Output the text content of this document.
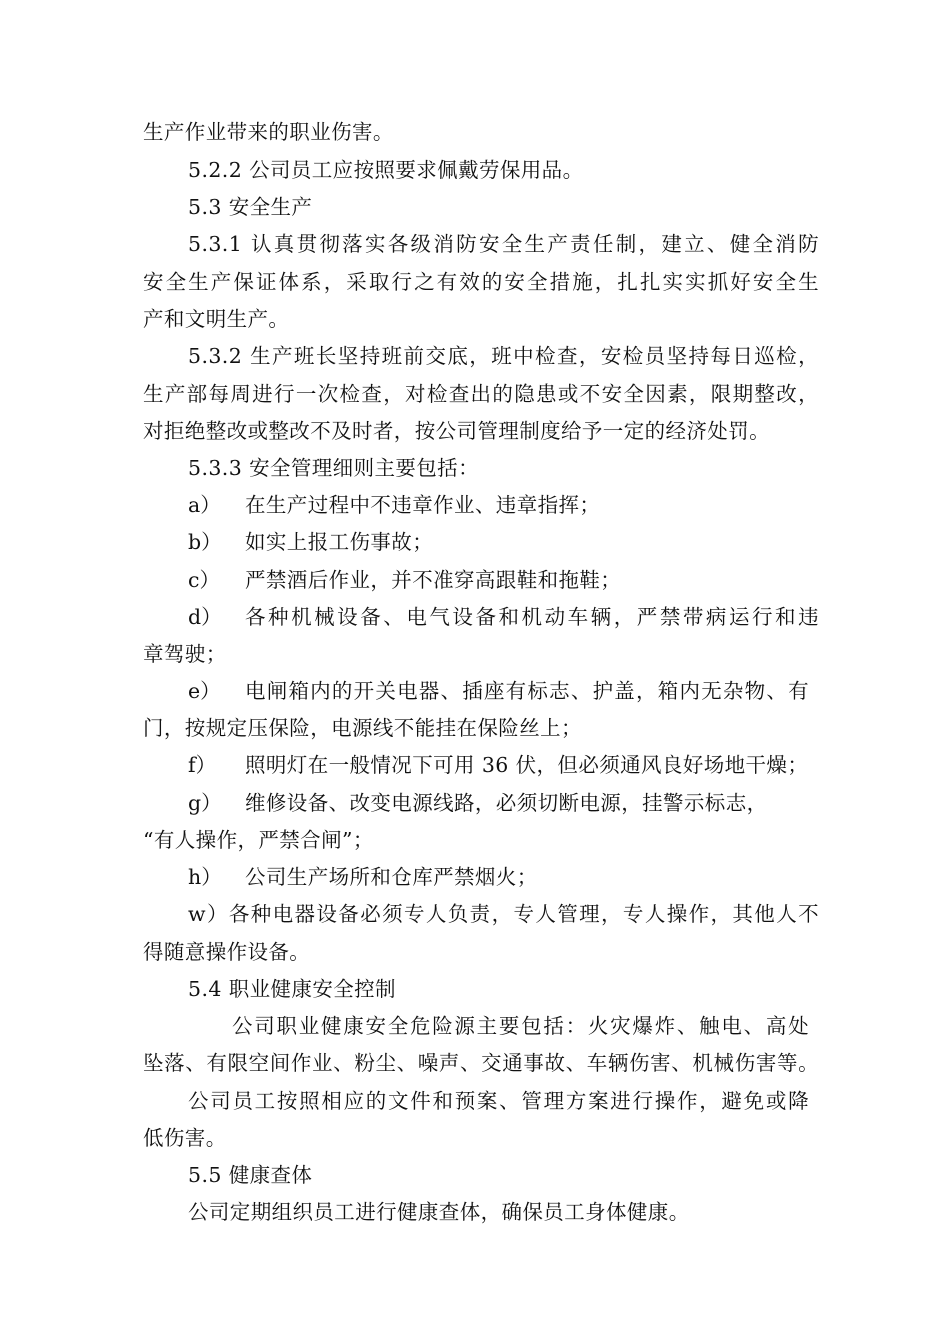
生产作业带来的职业伤害。
5.2.2 公司员工应按照要求佩戴劳保用品。
5.3 安全生产
5.3.1 认真贯彻落实各级消防安全生产责任制，建立、健全消防
安全生产保证体系，采取行之有效的安全措施，扎扎实实抓好安全生
产和文明生产。
5.3.2 生产班长坚持班前交底，班中检查，安检员坚持每日巡检，
生产部每周进行一次检查，对检查出的隐患或不安全因素，限期整改，
对拒绝整改或整改不及时者，按公司管理制度给予一定的经济处罚。
5.3.3 安全管理细则主要包括：
a） 在生产过程中不违章作业、违章指挥；
b） 如实上报工伤事故；
c） 严禁酒后作业，并不准穿高跟鞋和拖鞋；
d） 各种机械设备、电气设备和机动车辆，严禁带病运行和违
章驾驶；
e） 电闸箱内的开关电器、插座有标志、护盖，箱内无杂物、有
门，按规定压保险，电源线不能挂在保险丝上；
f） 照明灯在一般情况下可用 36 伏，但必须通风良好场地干燥；
g） 维修设备、改变电源线路，必须切断电源，挂警示标志，
“有人操作，严禁合闸”；
h） 公司生产场所和仓库严禁烟火；
w）各种电器设备必须专人负责，专人管理，专人操作，其他人不
得随意操作设备。
5.4 职业健康安全控制
公司职业健康安全危险源主要包括：火灾爆炸、触电、高处
坠落、有限空间作业、粉尘、噪声、交通事故、车辆伤害、机械伤害等。
公司员工按照相应的文件和预案、管理方案进行操作，避免或降
低伤害。
5.5 健康查体
公司定期组织员工进行健康查体，确保员工身体健康。
